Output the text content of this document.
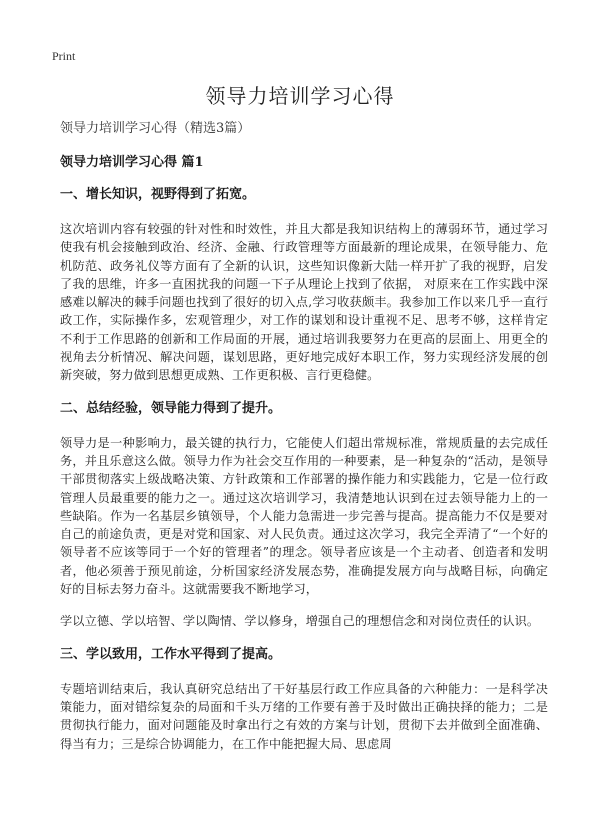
Print
领导力培训学习心得
领导力培训学习心得（精选3篇）
领导力培训学习心得 篇1
一、增长知识，视野得到了拓宽。

这次培训内容有较强的针对性和时效性，并且大都是我知识结构上的薄弱环节，通过学习使我有机会接触到政治、经济、金融、行政管理等方面最新的理论成果，在领导能力、危机防范、政务礼仪等方面有了全新的认识，这些知识像新大陆一样开扩了我的视野，启发了我的思维，许多一直困扰我的问题一下子从理论上找到了依据， 对原来在工作实践中深感难以解决的棘手问题也找到了很好的切入点,学习收获颇丰。我参加工作以来几乎一直行政工作，实际操作多，宏观管理少，对工作的谋划和设计重视不足、思考不够，这样肯定不利于工作思路的创新和工作局面的开展，通过培训我要努力在更高的层面上、用更全的视角去分析情况、解决问题，谋划思路，更好地完成好本职工作，努力实现经济发展的创新突破，努力做到思想更成熟、工作更积极、言行更稳健。

二、总结经验，领导能力得到了提升。

领导力是一种影响力，最关键的执行力，它能使人们超出常规标准，常规质量的去完成任务，并且乐意这么做。领导力作为社会交互作用的一种要素，是一种复杂的“活动，是领导干部贯彻落实上级战略决策、方针政策和工作部署的操作能力和实践能力，它是一位行政管理人员最重要的能力之一。通过这次培训学习，我清楚地认识到在过去领导能力上的一些缺陷。作为一名基层乡镇领导，个人能力急需进一步完善与提高。提高能力不仅是要对自己的前途负责，更是对党和国家、对人民负责。通过这次学习，我完全弄清了“一个好的领导者不应该等同于一个好的管理者”的理念。领导者应该是一个主动者、创造者和发明者，他必须善于预见前途，分析国家经济发展态势，准确提发展方向与战略目标，向确定好的目标去努力奋斗。这就需要我不断地学习，

学以立德、学以培智、学以陶情、学以修身，增强自己的理想信念和对岗位责任的认识。

三、学以致用，工作水平得到了提高。

专题培训结束后，我认真研究总结出了干好基层行政工作应具备的六种能力：一是科学决策能力，面对错综复杂的局面和千头万绪的工作要有善于及时做出正确抉择的能力；二是贯彻执行能力，面对问题能及时拿出行之有效的方案与计划，贯彻下去并做到全面准确、得当有力；三是综合协调能力，在工作中能把握大局、思虑周
